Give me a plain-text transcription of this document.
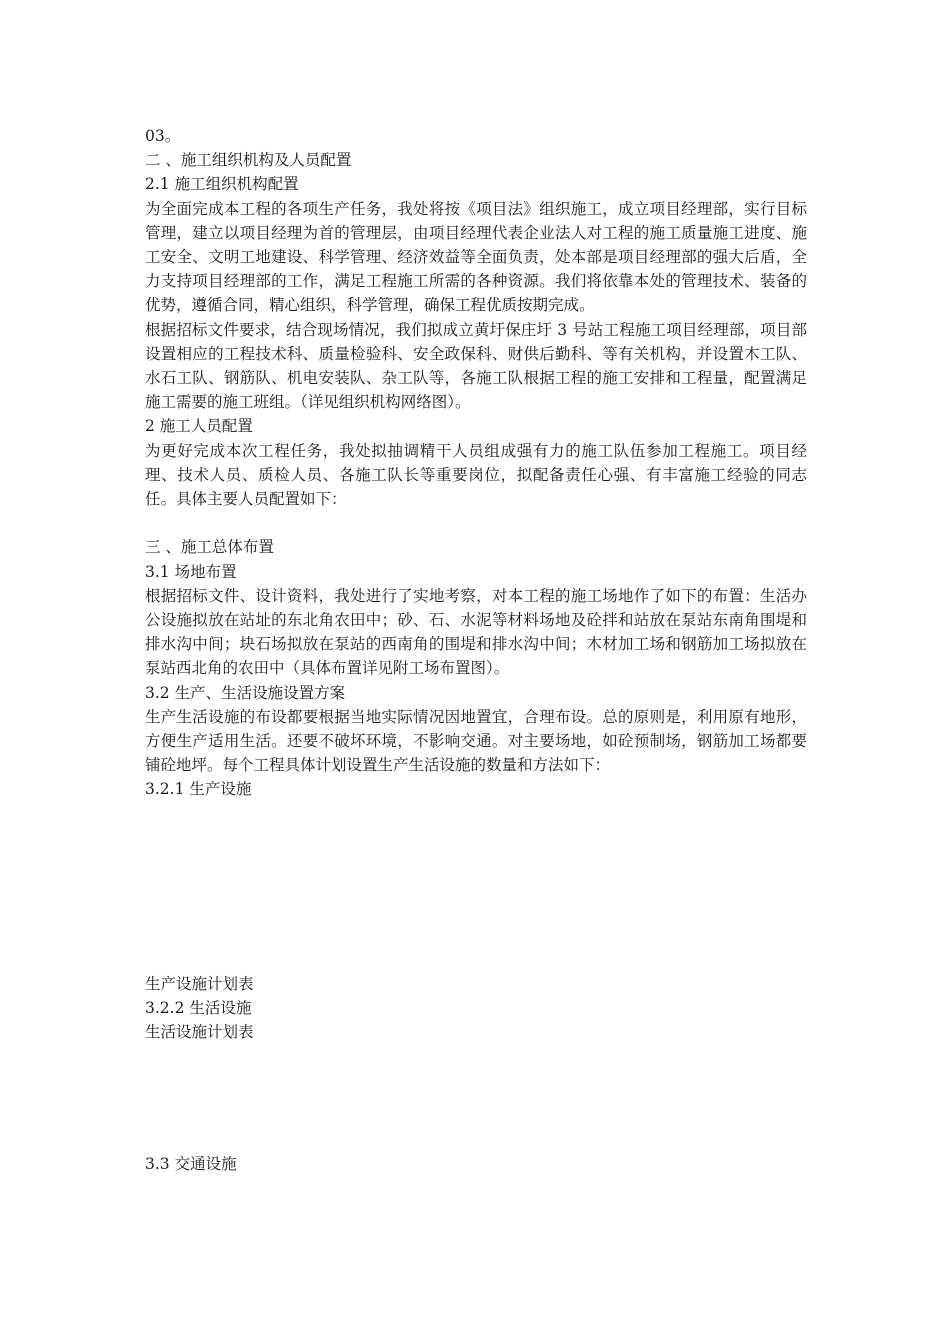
03。

二 、施工组织机构及人员配置

2.1 施工组织机构配置

为全面完成本工程的各项生产任务，我处将按《项目法》组织施工，成立项目经理部，实行目标管理，建立以项目经理为首的管理层，由项目经理代表企业法人对工程的施工质量施工进度、施工安全、文明工地建设、科学管理、经济效益等全面负责，处本部是项目经理部的强大后盾，全力支持项目经理部的工作，满足工程施工所需的各种资源。我们将依靠本处的管理技术、装备的优势，遵循合同，精心组织，科学管理，确保工程优质按期完成。

根据招标文件要求，结合现场情况，我们拟成立黄圩保庄圩 3 号站工程施工项目经理部，项目部设置相应的工程技术科、质量检验科、安全政保科、财供后勤科、等有关机构，并设置木工队、水石工队、钢筋队、机电安装队、杂工队等，各施工队根据工程的施工安排和工程量，配置满足施工需要的施工班组。（详见组织机构网络图）。

2 施工人员配置

为更好完成本次工程任务，我处拟抽调精干人员组成强有力的施工队伍参加工程施工。项目经理、技术人员、质检人员、各施工队长等重要岗位，拟配备责任心强、有丰富施工经验的同志任。具体主要人员配置如下：

三 、施工总体布置

3.1 场地布置

根据招标文件、设计资料，我处进行了实地考察，对本工程的施工场地作了如下的布置：生活办公设施拟放在站址的东北角农田中；砂、石、水泥等材料场地及砼拌和站放在泵站东南角围堤和排水沟中间；块石场拟放在泵站的西南角的围堤和排水沟中间；木材加工场和钢筋加工场拟放在泵站西北角的农田中（具体布置详见附工场布置图）。

3.2 生产、生活设施设置方案

生产生活设施的布设都要根据当地实际情况因地置宜，合理布设。总的原则是，利用原有地形，方便生产适用生活。还要不破坏环境，不影响交通。对主要场地，如砼预制场，钢筋加工场都要铺砼地坪。每个工程具体计划设置生产生活设施的数量和方法如下：

3.2.1 生产设施

生产设施计划表

3.2.2 生活设施

生活设施计划表

3.3 交通设施
